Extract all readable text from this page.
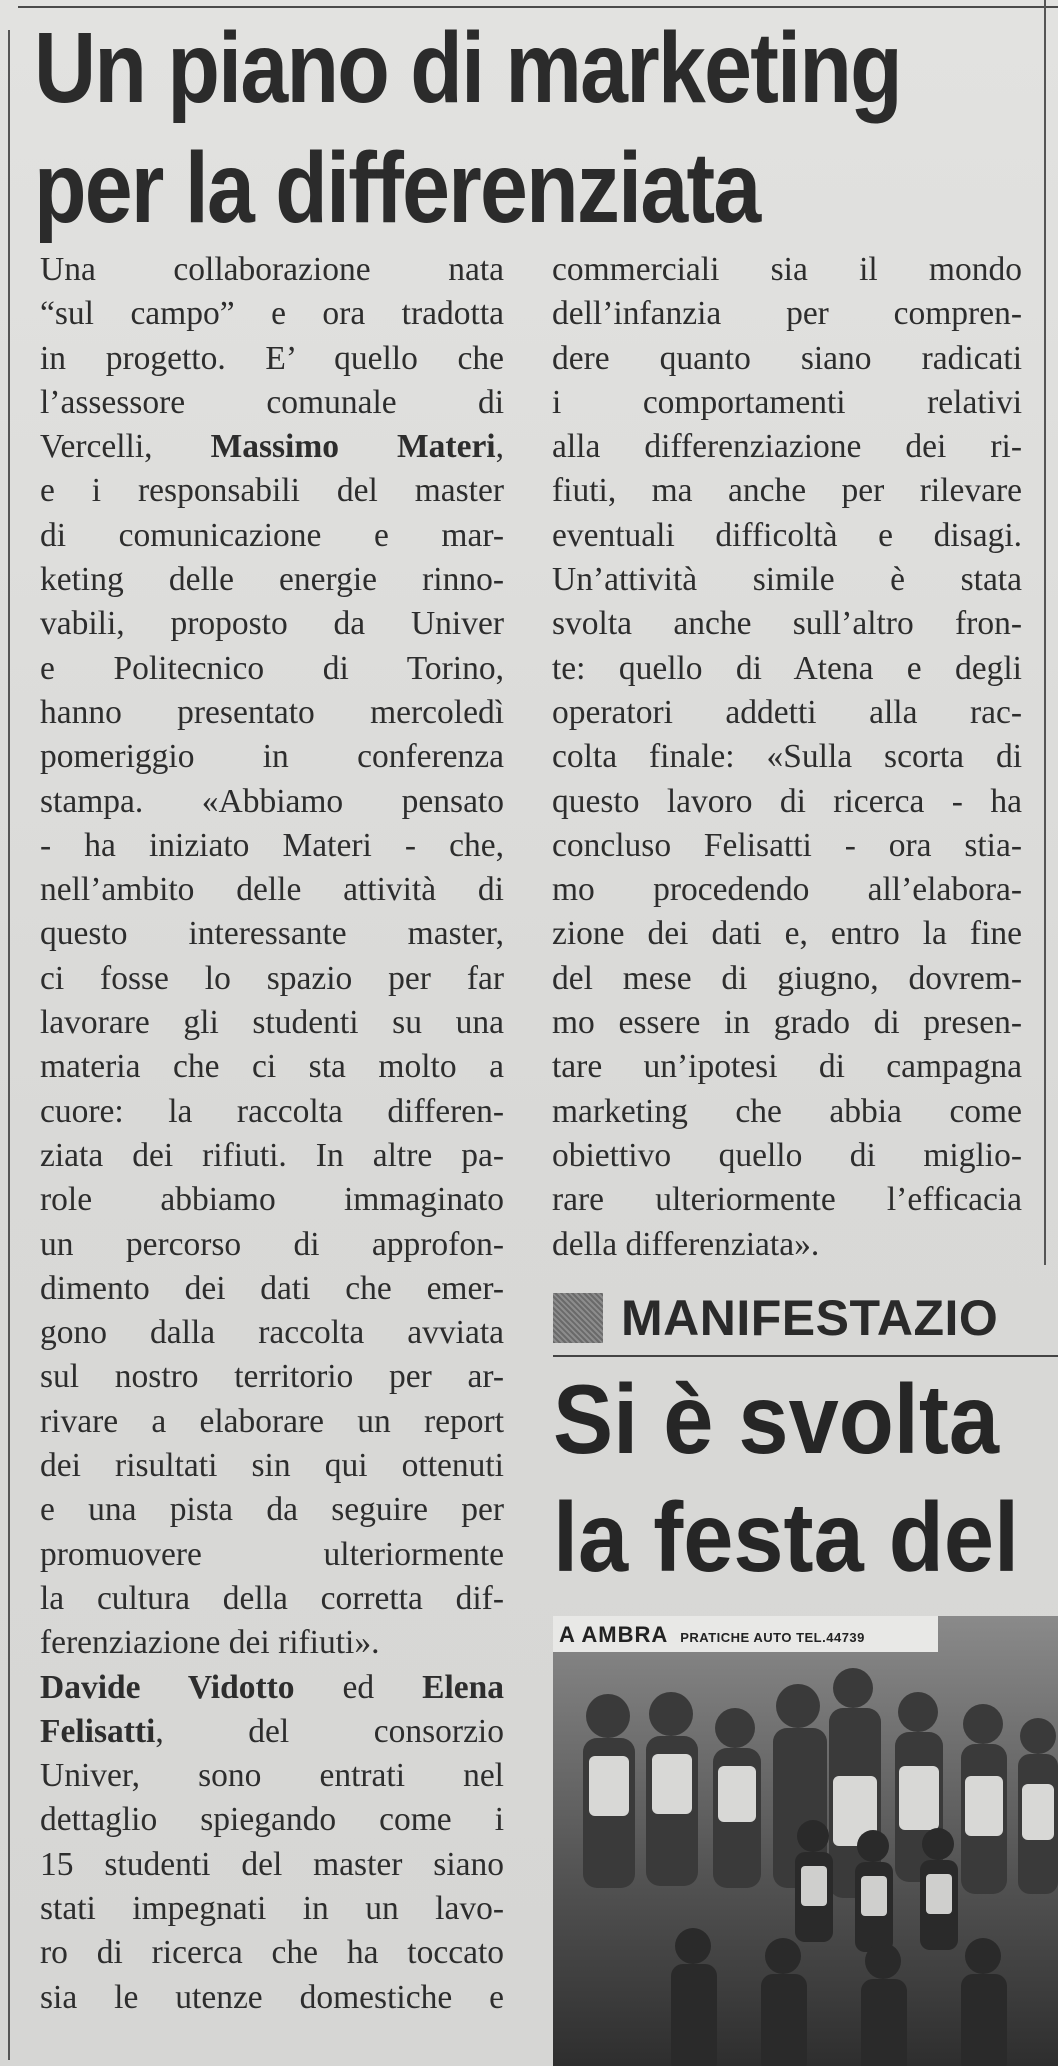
Un piano di marketing
per la differenziata
Una collaborazione nata
“sul campo” e ora tradotta
in progetto. E’ quello che
l’assessore comunale di
Vercelli, Massimo Materi,
e i responsabili del master
di comunicazione e mar-
keting delle energie rinno-
vabili, proposto da Univer
e Politecnico di Torino,
hanno presentato mercoledì
pomeriggio in conferenza
stampa. «Abbiamo pensato
- ha iniziato Materi - che,
nell’ambito delle attività di
questo interessante master,
ci fosse lo spazio per far
lavorare gli studenti su una
materia che ci sta molto a
cuore: la raccolta differen-
ziata dei rifiuti. In altre pa-
role abbiamo immaginato
un percorso di approfon-
dimento dei dati che emer-
gono dalla raccolta avviata
sul nostro territorio per ar-
rivare a elaborare un report
dei risultati sin qui ottenuti
e una pista da seguire per
promuovere ulteriormente
la cultura della corretta dif-
ferenziazione dei rifiuti».
Davide Vidotto ed Elena
Felisatti, del consorzio
Univer, sono entrati nel
dettaglio spiegando come i
15 studenti del master siano
stati impegnati in un lavo-
ro di ricerca che ha toccato
sia le utenze domestiche e
commerciali sia il mondo
dell’infanzia per compren-
dere quanto siano radicati
i comportamenti relativi
alla differenziazione dei ri-
fiuti, ma anche per rilevare
eventuali difficoltà e disagi.
Un’attività simile è stata
svolta anche sull’altro fron-
te: quello di Atena e degli
operatori addetti alla rac-
colta finale: «Sulla scorta di
questo lavoro di ricerca - ha
concluso Felisatti - ora stia-
mo procedendo all’elabora-
zione dei dati e, entro la fine
del mese di giugno, dovrem-
mo essere in grado di presen-
tare un’ipotesi di campagna
marketing che abbia come
obiettivo quello di miglio-
rare ulteriormente l’efficacia
della differenziata».
MANIFESTAZIO
Si è svolta
la festa del
A AMBRA PRATICHE AUTO TEL.44739
